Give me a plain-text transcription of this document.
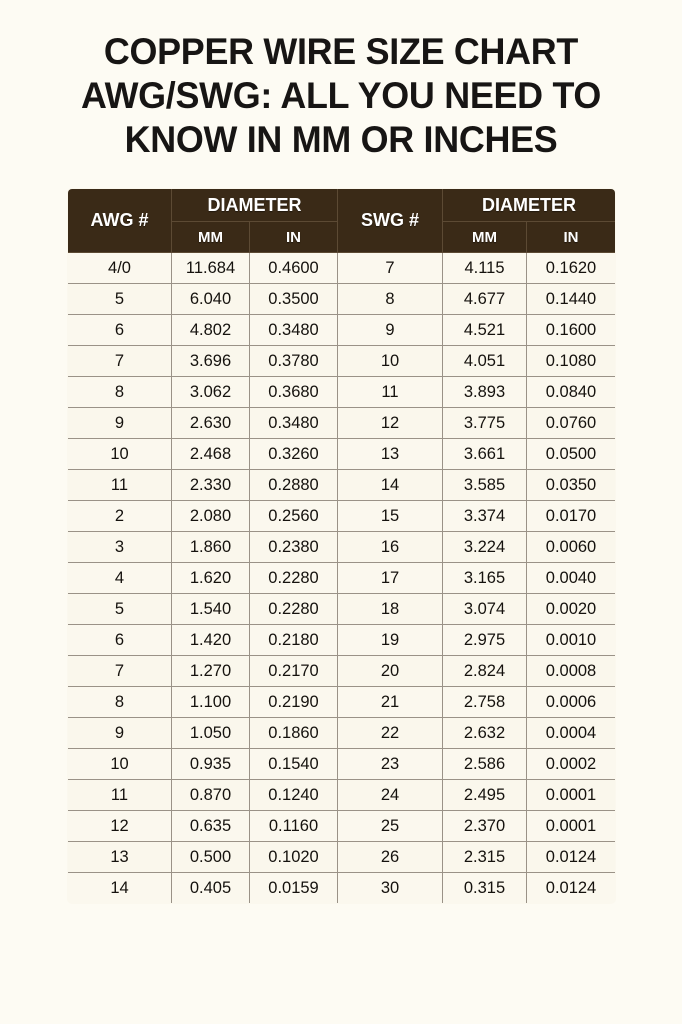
COPPER WIRE SIZE CHART
AWG/SWG: ALL YOU NEED TO
KNOW IN MM OR INCHES
AWG #	DIAMETER		SWG #	DIAMETER	
	MM	IN		MM	IN
4/0	11.684	0.4600	7	4.115	0.1620
5	6.040	0.3500	8	4.677	0.1440
6	4.802	0.3480	9	4.521	0.1600
7	3.696	0.3780	10	4.051	0.1080
8	3.062	0.3680	11	3.893	0.0840
9	2.630	0.3480	12	3.775	0.0760
10	2.468	0.3260	13	3.661	0.0500
11	2.330	0.2880	14	3.585	0.0350
2	2.080	0.2560	15	3.374	0.0170
3	1.860	0.2380	16	3.224	0.0060
4	1.620	0.2280	17	3.165	0.0040
5	1.540	0.2280	18	3.074	0.0020
6	1.420	0.2180	19	2.975	0.0010
7	1.270	0.2170	20	2.824	0.0008
8	1.100	0.2190	21	2.758	0.0006
9	1.050	0.1860	22	2.632	0.0004
10	0.935	0.1540	23	2.586	0.0002
11	0.870	0.1240	24	2.495	0.0001
12	0.635	0.1160	25	2.370	0.0001
13	0.500	0.1020	26	2.315	0.0124
14	0.405	0.0159	30	0.315	0.0124
